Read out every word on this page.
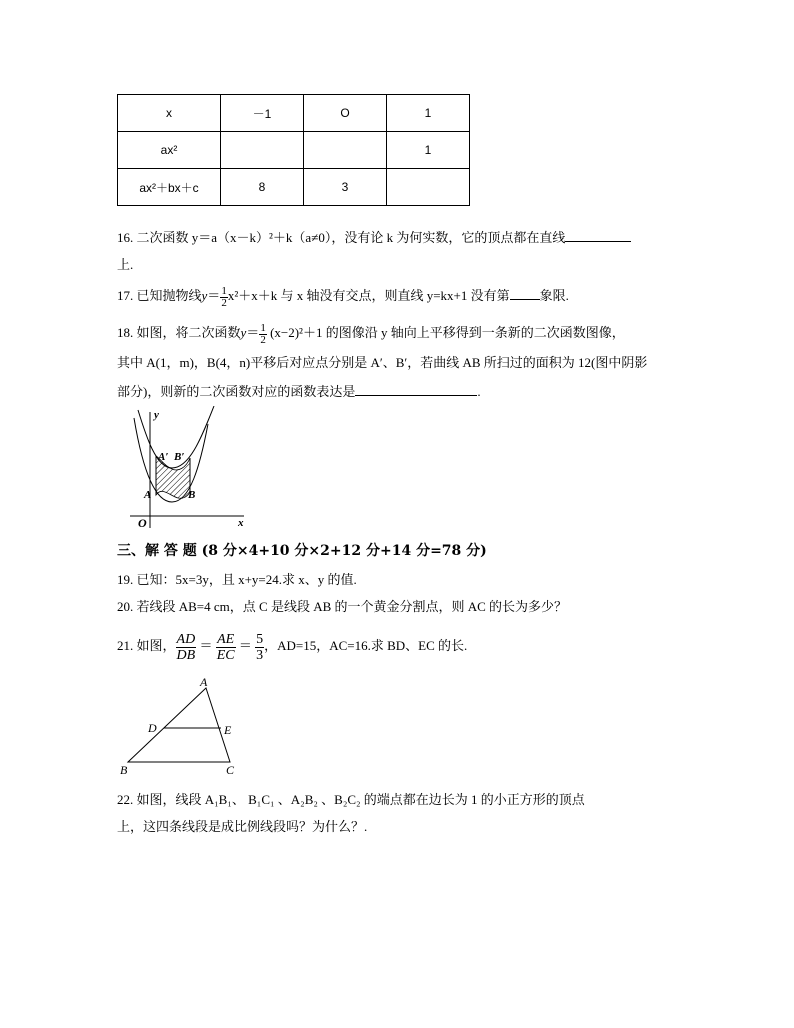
x	－1	O	1
ax²			1
ax²＋bx＋c	8	3	
16. 二次函数 y＝a（x－k）²＋k（a≠0），没有论 k 为何实数，它的顶点都在直线
上.
17. 已知抛物线$y= \frac{1}{2} x^2+x+k$ 与 x 轴没有交点，则直线 y=kx+1 没有第 象限.
18. 如图，将二次函数$y= \frac{1}{2} (x-2)^2+1$ 的图像沿 y 轴向上平移得到一条新的二次函数图像，
其中 A(1，m)，B(4，n)平移后对应点分别是 A′、B′，若曲线 AB 所扫过的面积为 12(图中阴影
部分)，则新的二次函数对应的函数表达是	.
y
x
O
A	B
A′ B′
三、解 答 题 (8 分×4+10 分×2+12 分+14 分=78 分)
19. 已知：5x=3y，且 x+y=24.求 x、y 的值.
20. 若线段 AB=4 cm，点 C 是线段 AB 的一个黄金分割点，则 AC 的长为多少？
21. 如图， $\frac{AD}{DB} = \frac{AE}{EC} = \frac{5}{3}$ ，AD=15，AC=16.求 BD、EC 的长.
A
B	C
D	E
22. 如图，线段 A₁B₁、 B₁C₁ 、A₂B₂ 、B₂C₂ 的端点都在边长为 1 的小正方形的顶点
上，这四条线段是成比例线段吗？为什么？.
